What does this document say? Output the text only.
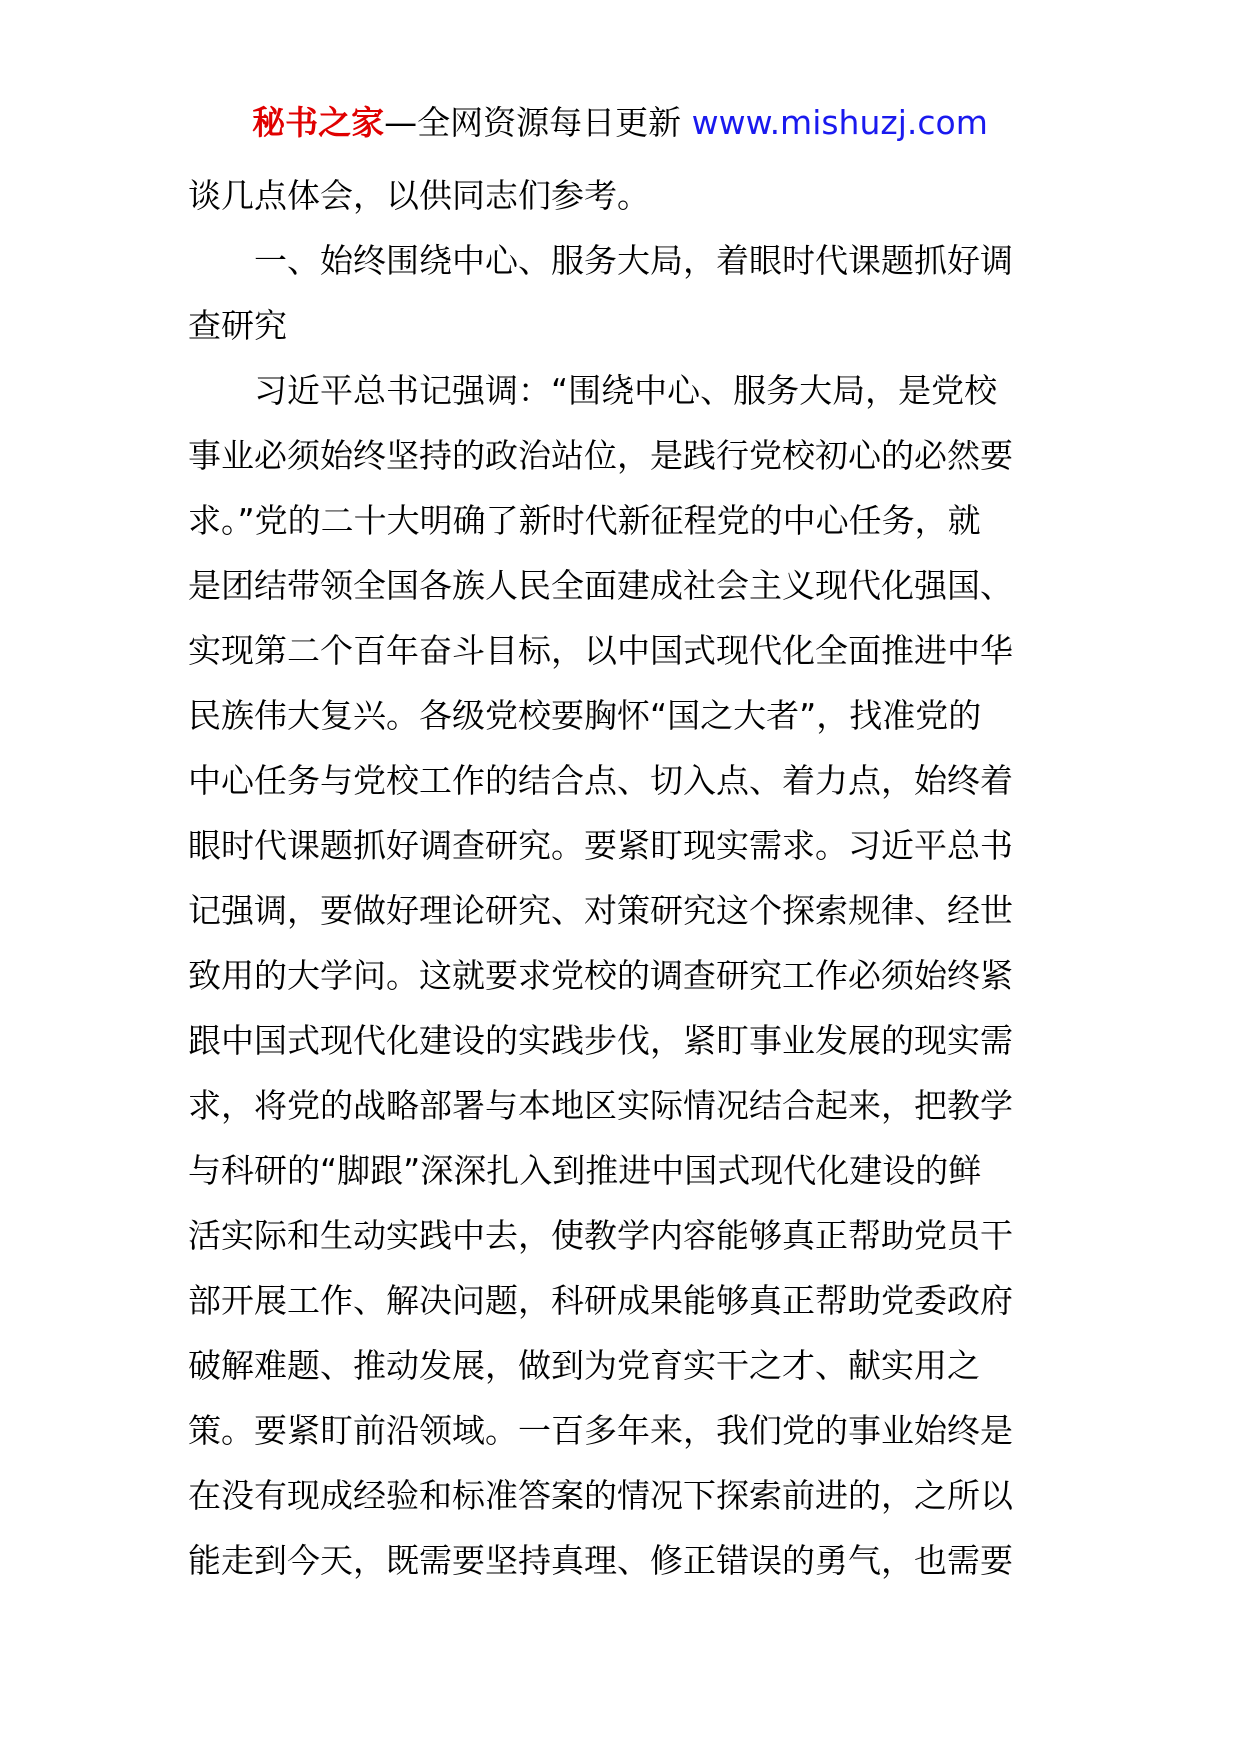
秘书之家—全网资源每日更新 www.mishuzj.com
谈几点体会，以供同志们参考。
一、始终围绕中心、服务大局，着眼时代课题抓好调
查研究
习近平总书记强调：“围绕中心、服务大局，是党校
事业必须始终坚持的政治站位，是践行党校初心的必然要
求。”党的二十大明确了新时代新征程党的中心任务，就
是团结带领全国各族人民全面建成社会主义现代化强国、
实现第二个百年奋斗目标，以中国式现代化全面推进中华
民族伟大复兴。各级党校要胸怀“国之大者”，找准党的
中心任务与党校工作的结合点、切入点、着力点，始终着
眼时代课题抓好调查研究。要紧盯现实需求。习近平总书
记强调，要做好理论研究、对策研究这个探索规律、经世
致用的大学问。这就要求党校的调查研究工作必须始终紧
跟中国式现代化建设的实践步伐，紧盯事业发展的现实需
求，将党的战略部署与本地区实际情况结合起来，把教学
与科研的“脚跟”深深扎入到推进中国式现代化建设的鲜
活实际和生动实践中去，使教学内容能够真正帮助党员干
部开展工作、解决问题，科研成果能够真正帮助党委政府
破解难题、推动发展，做到为党育实干之才、献实用之
策。要紧盯前沿领域。一百多年来，我们党的事业始终是
在没有现成经验和标准答案的情况下探索前进的，之所以
能走到今天，既需要坚持真理、修正错误的勇气，也需要
